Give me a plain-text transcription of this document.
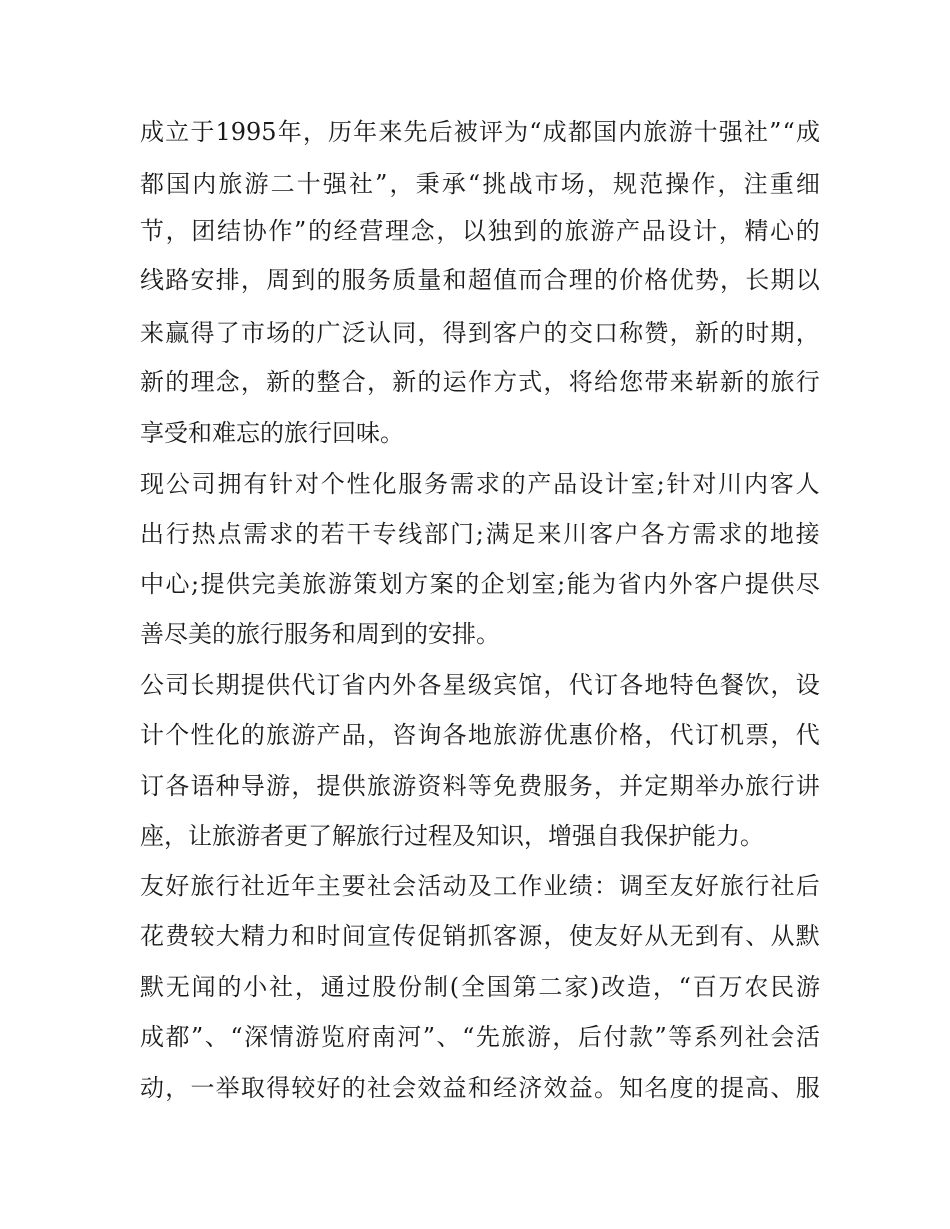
成 立 于 1995 年 ， 历 年 来 先 后 被 评 为 “ 成 都 国 内 旅 游 十 强 社 ” “ 成

都 国 内 旅 游 二 十 强 社 ” ， 秉 承 “ 挑 战 市 场 ， 规 范 操 作 ， 注 重 细

节 ， 团 结 协 作 ” 的 经 营 理 念 ， 以 独 到 的 旅 游 产 品 设 计 ， 精 心 的

线 路 安 排 ， 周 到 的 服 务 质 量 和 超 值 而 合 理 的 价 格 优 势 ， 长 期 以

来 赢 得 了 市 场 的 广 泛 认 同 ， 得 到 客 户 的 交 口 称 赞 ， 新 的 时 期 ，

新 的 理 念 ， 新 的 整 合 ， 新 的 运 作 方 式 ， 将 给 您 带 来 崭 新 的 旅 行

享受和难忘的旅行回味。

现 公 司 拥 有 针 对 个 性 化 服 务 需 求 的 产 品 设 计 室 ; 针 对 川 内 客 人

出 行 热 点 需 求 的 若 干 专 线 部 门 ; 满 足 来 川 客 户 各 方 需 求 的 地 接

中 心 ; 提 供 完 美 旅 游 策 划 方 案 的 企 划 室 ; 能 为 省 内 外 客 户 提 供 尽

善尽美的旅行服务和周到的安排。

公 司 长 期 提 供 代 订 省 内 外 各 星 级 宾 馆 ， 代 订 各 地 特 色 餐 饮 ， 设

计 个 性 化 的 旅 游 产 品 ， 咨 询 各 地 旅 游 优 惠 价 格 ， 代 订 机 票 ， 代

订 各 语 种 导 游 ， 提 供 旅 游 资 料 等 免 费 服 务 ， 并 定 期 举 办 旅 行 讲

座，让旅游者更了解旅行过程及知识，增强自我保护能力。

友 好 旅 行 社 近 年 主 要 社 会 活 动 及 工 作 业 绩 ： 调 至 友 好 旅 行 社 后

花 费 较 大 精 力 和 时 间 宣 传 促 销 抓 客 源 ， 使 友 好 从 无 到 有 、 从 默

默 无 闻 的 小 社 ， 通 过 股 份 制 ( 全 国 第 二 家 ) 改 造 ， “ 百 万 农 民 游

成 都 ” 、 “ 深 情 游 览 府 南 河 ” 、 “ 先 旅 游 ， 后 付 款 ” 等 系 列 社 会 活

动 ， 一 举 取 得 较 好 的 社 会 效 益 和 经 济 效 益 。 知 名 度 的 提 高 、 服
